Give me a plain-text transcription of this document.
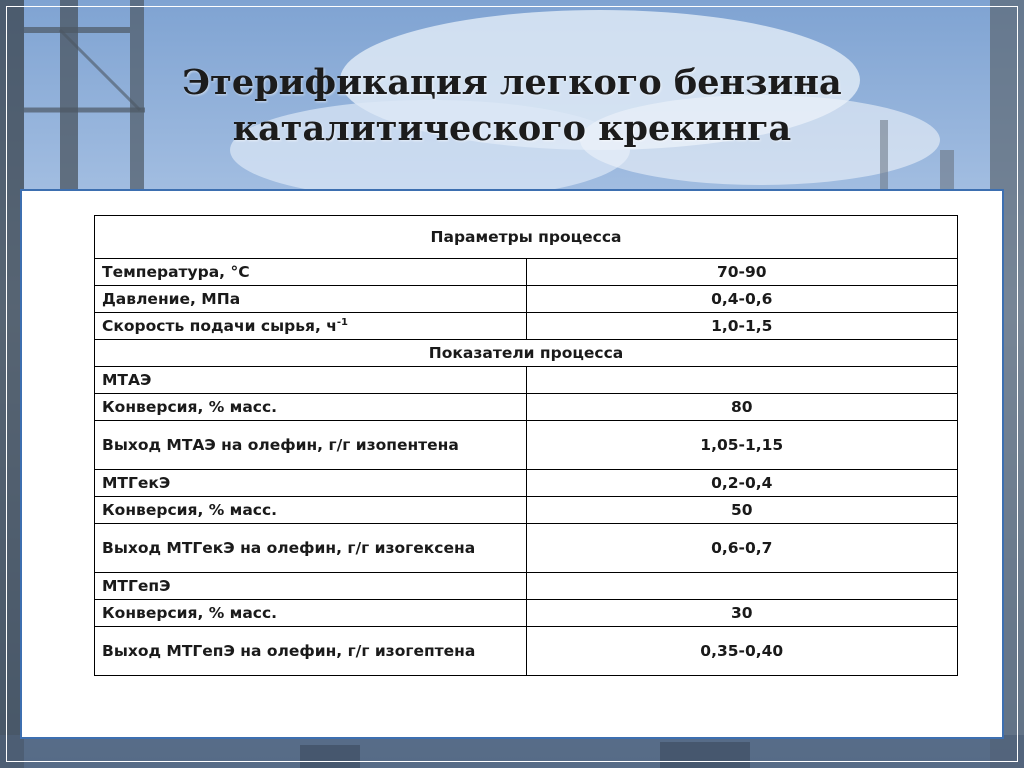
Этерификация легкого бензина
каталитического крекинга
Параметры процесса	
Температура, °С	70-90
Давление, МПа	0,4-0,6
Скорость подачи сырья, $ч^{-1}$	1,0-1,5
Показатели процесса	
МТАЭ	
Конверсия, % масс.	80
Выход МТАЭ на олефин, г/г изопентена	1,05-1,15
МТГекЭ	0,2-0,4
Конверсия, % масс.	50
Выход МТГекЭ на олефин, г/г изогексена	0,6-0,7
МТГепЭ	
Конверсия, % масс.	30
Выход МТГепЭ на олефин, г/г изогептена	0,35-0,40
